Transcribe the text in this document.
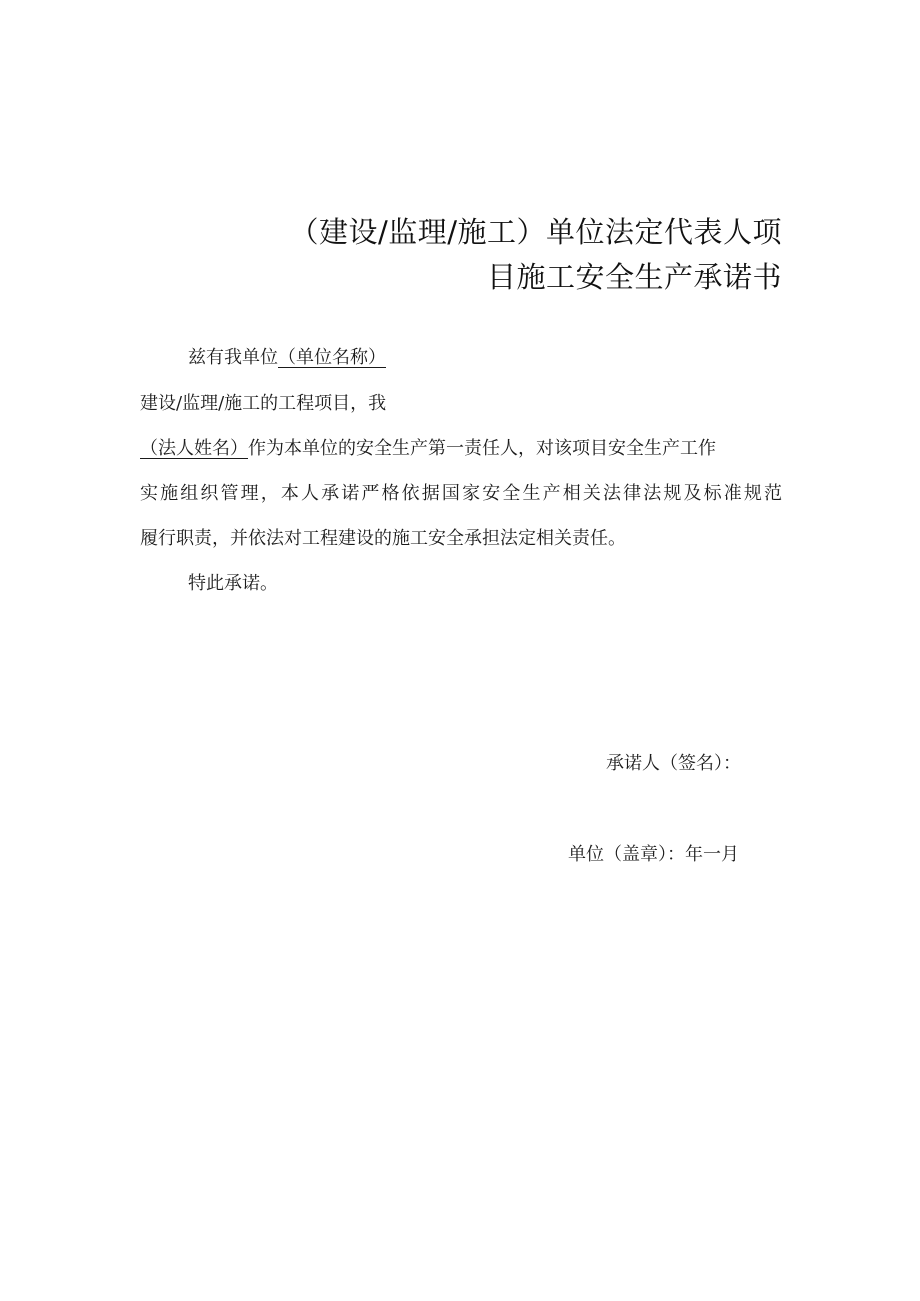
（建设/监理/施工）单位法定代表人项
目施工安全生产承诺书
兹有我单位（单位名称）
建设/监理/施工的工程项目，我
（法人姓名）作为本单位的安全生产第一责任人，对该项目安全生产工作
实施组织管理，本人承诺严格依据国家安全生产相关法律法规及标准规范
履行职责，并依法对工程建设的施工安全承担法定相关责任。
特此承诺。
承诺人（签名）：
单位（盖章）：年一月
